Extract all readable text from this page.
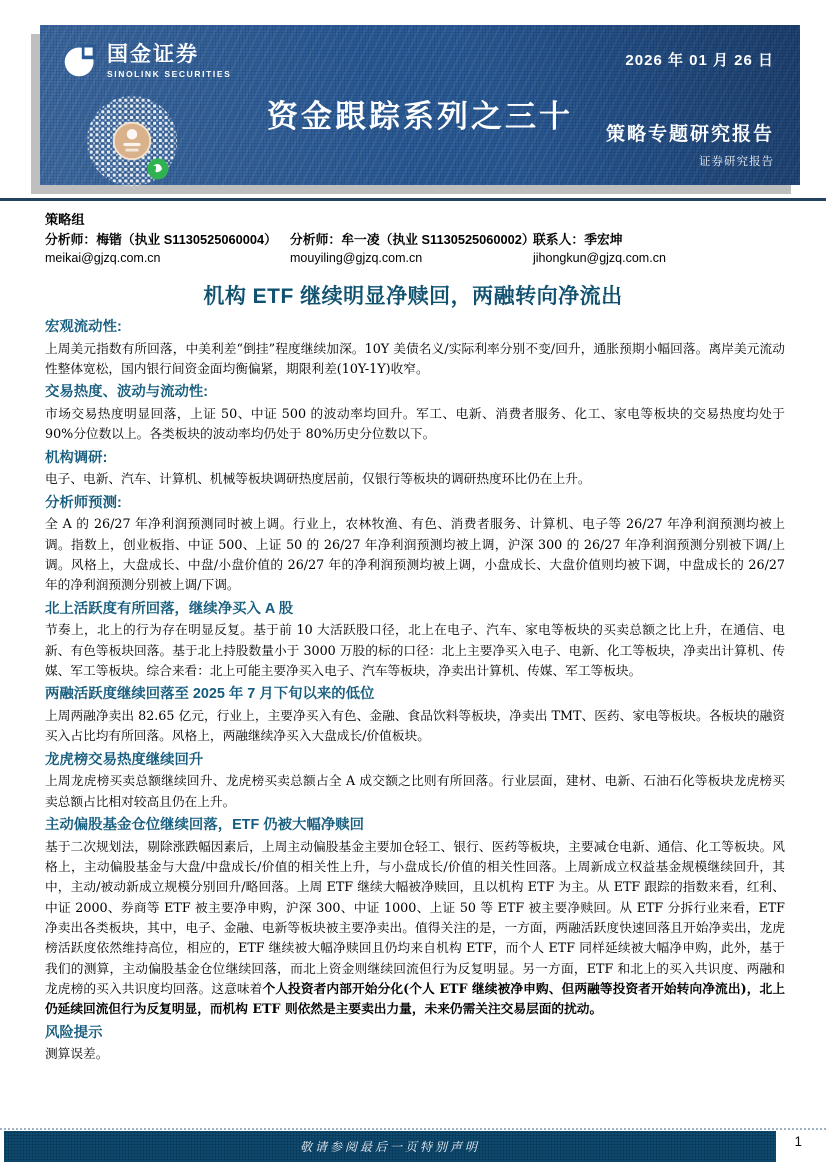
国金证券
SINOLINK SECURITIES
2026 年 01 月 26 日
资金跟踪系列之三十
策略专题研究报告
证券研究报告
策略组
分析师：梅锴（执业 S1130525060004）
meikai@gjzq.com.cn
分析师：牟一凌（执业 S1130525060002）
mouyiling@gjzq.com.cn
联系人：季宏坤
jihongkun@gjzq.com.cn
机构 ETF 继续明显净赎回，两融转向净流出
宏观流动性:

上周美元指数有所回落，中美利差“倒挂”程度继续加深。10Y 美债名义/实际利率分别不变/回升，通胀预期小幅回落。离岸美元流动性整体宽松，国内银行间资金面均衡偏紧，期限利差(10Y-1Y)收窄。

交易热度、波动与流动性:

市场交易热度明显回落，上证 50、中证 500 的波动率均回升。军工、电新、消费者服务、化工、家电等板块的交易热度均处于 90%分位数以上。各类板块的波动率均仍处于 80%历史分位数以下。

机构调研:

电子、电新、汽车、计算机、机械等板块调研热度居前，仅银行等板块的调研热度环比仍在上升。

分析师预测:

全 A 的 26/27 年净利润预测同时被上调。行业上，农林牧渔、有色、消费者服务、计算机、电子等 26/27 年净利润预测均被上调。指数上，创业板指、中证 500、上证 50 的 26/27 年净利润预测均被上调，沪深 300 的 26/27 年净利润预测分别被下调/上调。风格上，大盘成长、中盘/小盘价值的 26/27 年的净利润预测均被上调，小盘成长、大盘价值则均被下调，中盘成长的 26/27 年的净利润预测分别被上调/下调。

北上活跃度有所回落，继续净买入 A 股

节奏上，北上的行为存在明显反复。基于前 10 大活跃股口径，北上在电子、汽车、家电等板块的买卖总额之比上升，在通信、电新、有色等板块回落。基于北上持股数量小于 3000 万股的标的口径：北上主要净买入电子、电新、化工等板块，净卖出计算机、传媒、军工等板块。综合来看：北上可能主要净买入电子、汽车等板块，净卖出计算机、传媒、军工等板块。

两融活跃度继续回落至 2025 年 7 月下旬以来的低位

上周两融净卖出 82.65 亿元，行业上，主要净买入有色、金融、食品饮料等板块，净卖出 TMT、医药、家电等板块。各板块的融资买入占比均有所回落。风格上，两融继续净买入大盘成长/价值板块。

龙虎榜交易热度继续回升

上周龙虎榜买卖总额继续回升、龙虎榜买卖总额占全 A 成交额之比则有所回落。行业层面，建材、电新、石油石化等板块龙虎榜买卖总额占比相对较高且仍在上升。

主动偏股基金仓位继续回落，ETF 仍被大幅净赎回

基于二次规划法，剔除涨跌幅因素后，上周主动偏股基金主要加仓轻工、银行、医药等板块，主要减仓电新、通信、化工等板块。风格上，主动偏股基金与大盘/中盘成长/价值的相关性上升，与小盘成长/价值的相关性回落。上周新成立权益基金规模继续回升，其中，主动/被动新成立规模分别回升/略回落。上周 ETF 继续大幅被净赎回，且以机构 ETF 为主。从 ETF 跟踪的指数来看，红利、中证 2000、券商等 ETF 被主要净申购，沪深 300、中证 1000、上证 50 等 ETF 被主要净赎回。从 ETF 分拆行业来看，ETF 净卖出各类板块，其中，电子、金融、电新等板块被主要净卖出。值得关注的是，一方面，两融活跃度快速回落且开始净卖出，龙虎榜活跃度依然维持高位，相应的，ETF 继续被大幅净赎回且仍均来自机构 ETF，而个人 ETF 同样延续被大幅净申购，此外，基于我们的测算，主动偏股基金仓位继续回落，而北上资金则继续回流但行为反复明显。另一方面，ETF 和北上的买入共识度、两融和龙虎榜的买入共识度均回落。这意味着个人投资者内部开始分化(个人 ETF 继续被净申购、但两融等投资者开始转向净流出)，北上仍延续回流但行为反复明显，而机构 ETF 则依然是主要卖出力量，未来仍需关注交易层面的扰动。

风险提示

测算误差。

敬请参阅最后一页特别声明	1
